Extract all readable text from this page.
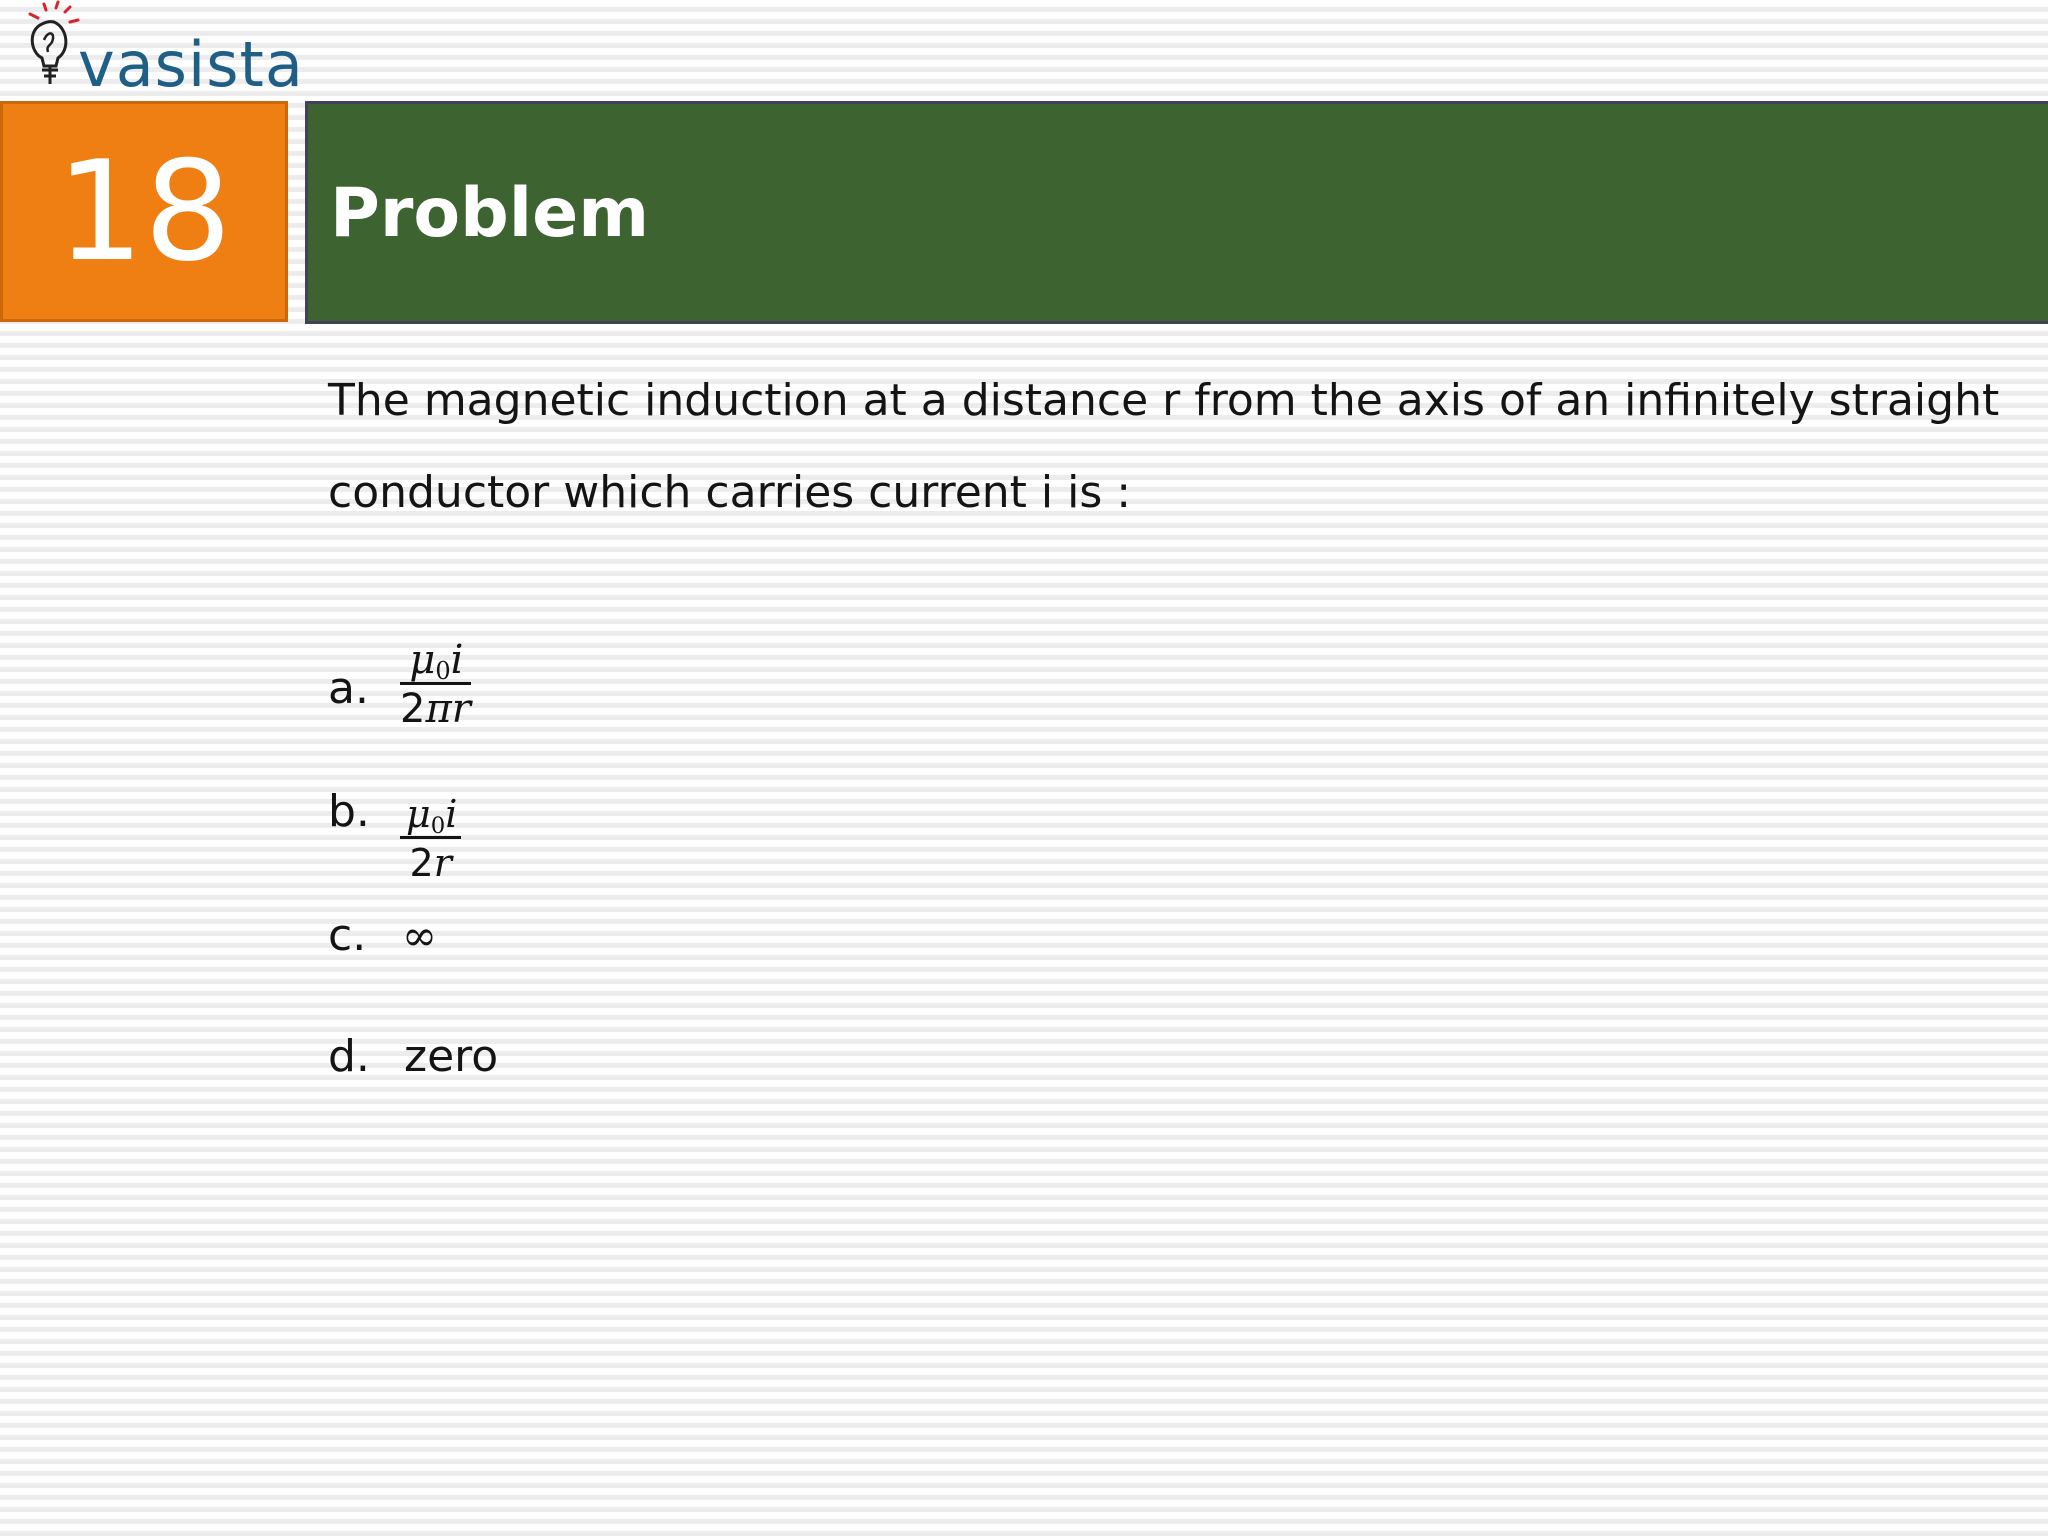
vasista
18	Problem
The magnetic induction at a distance r from the axis of an infinitely straight
conductor which carries current i is :
a. $\frac{\mu_0i}{2\pi r}$
b. $\frac{\mu_0i}{2r}$
c. ∞
d. zero
